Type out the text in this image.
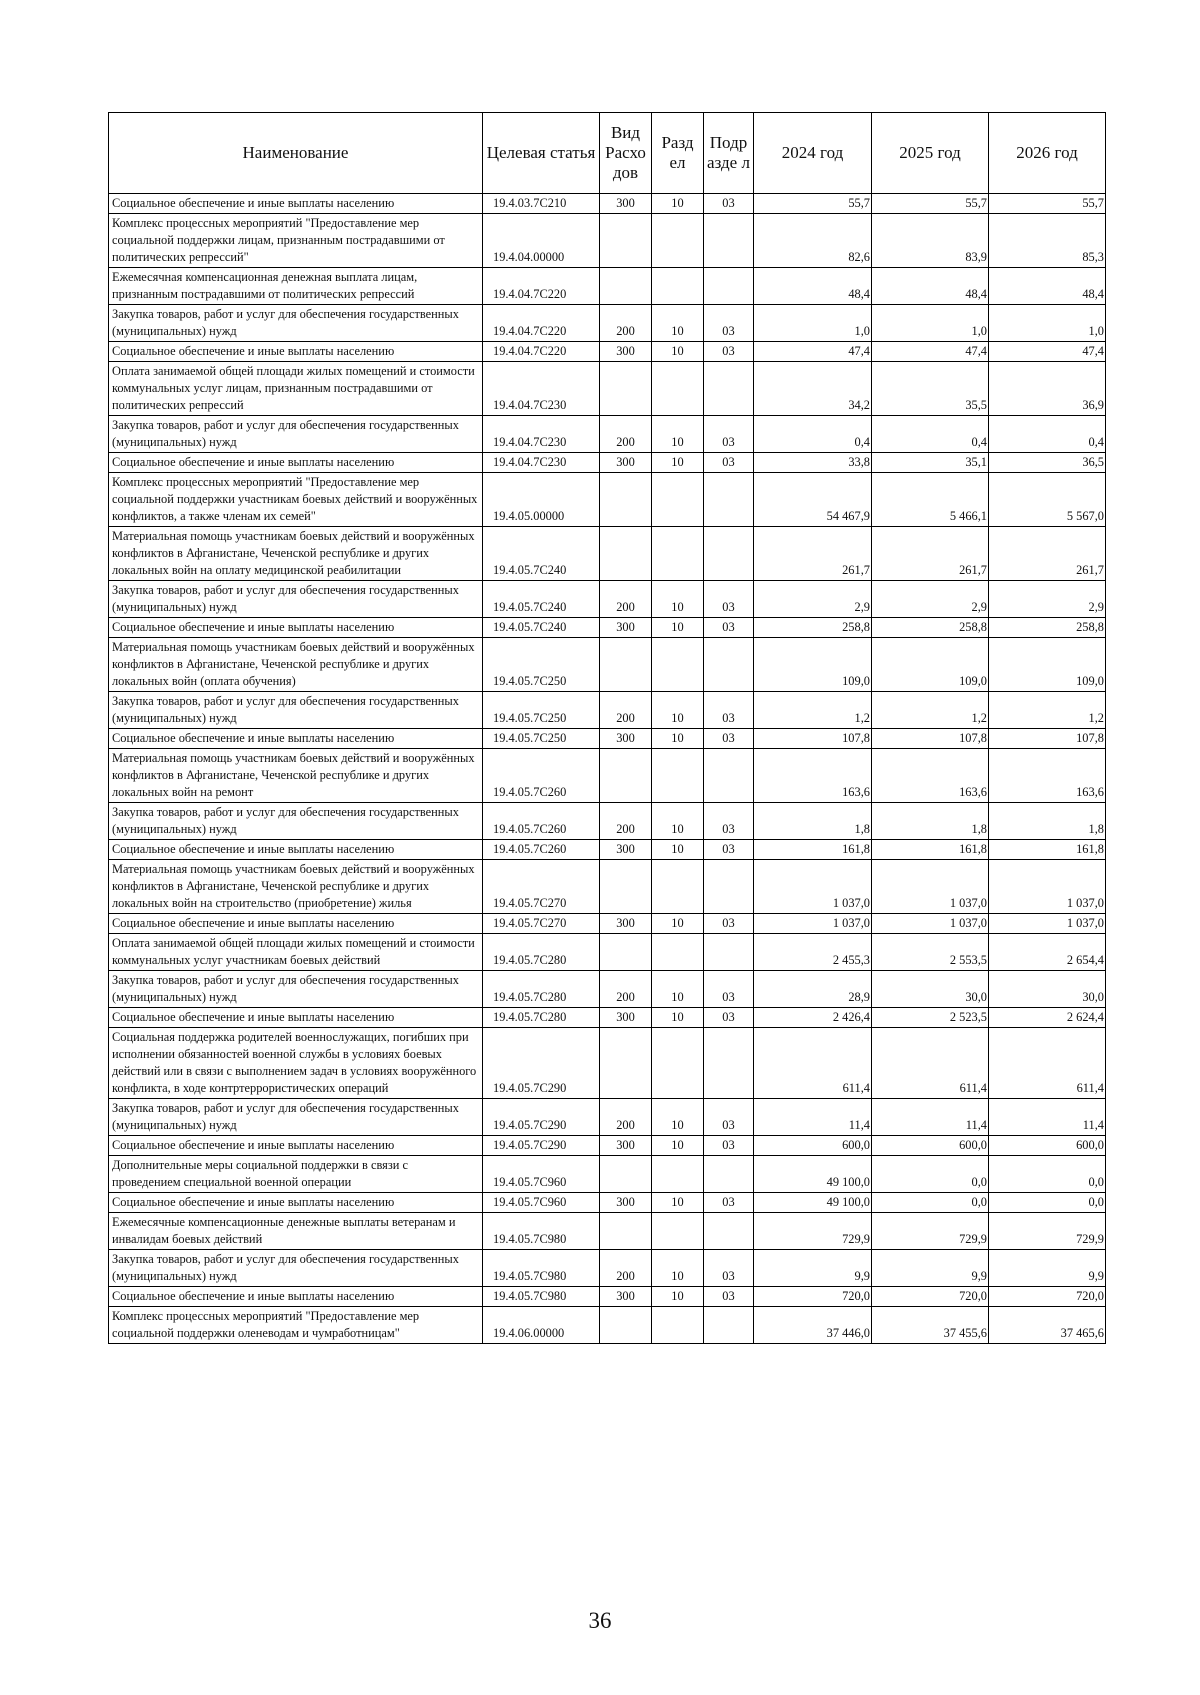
Наименование	Целевая статья	Вид Расхо дов	Разд ел	Подр азде л	2024 год	2025 год	2026 год
Социальное обеспечение и иные выплаты населению	19.4.03.7С210	300	10	03	55,7	55,7	55,7
Комплекс процессных мероприятий "Предоставление мер социальной поддержки лицам, признанным пострадавшими от политических репрессий"	19.4.04.00000				82,6	83,9	85,3
Ежемесячная компенсационная денежная выплата лицам, признанным пострадавшими от политических репрессий	19.4.04.7С220				48,4	48,4	48,4
Закупка товаров, работ и услуг для обеспечения государственных (муниципальных) нужд	19.4.04.7С220	200	10	03	1,0	1,0	1,0
Социальное обеспечение и иные выплаты населению	19.4.04.7С220	300	10	03	47,4	47,4	47,4
Оплата занимаемой общей площади жилых помещений и стоимости коммунальных услуг лицам, признанным пострадавшими от политических репрессий	19.4.04.7С230				34,2	35,5	36,9
Закупка товаров, работ и услуг для обеспечения государственных (муниципальных) нужд	19.4.04.7С230	200	10	03	0,4	0,4	0,4
Социальное обеспечение и иные выплаты населению	19.4.04.7С230	300	10	03	33,8	35,1	36,5
Комплекс процессных мероприятий "Предоставление мер социальной поддержки участникам боевых действий и вооружённых конфликтов, а также членам их семей"	19.4.05.00000				54 467,9	5 466,1	5 567,0
Материальная помощь участникам боевых действий и вооружённых конфликтов в Афганистане, Чеченской республике и других локальных войн на оплату медицинской реабилитации	19.4.05.7С240				261,7	261,7	261,7
Закупка товаров, работ и услуг для обеспечения государственных (муниципальных) нужд	19.4.05.7С240	200	10	03	2,9	2,9	2,9
Социальное обеспечение и иные выплаты населению	19.4.05.7С240	300	10	03	258,8	258,8	258,8
Материальная помощь участникам боевых действий и вооружённых конфликтов в Афганистане, Чеченской республике и других локальных войн (оплата обучения)	19.4.05.7С250				109,0	109,0	109,0
Закупка товаров, работ и услуг для обеспечения государственных (муниципальных) нужд	19.4.05.7С250	200	10	03	1,2	1,2	1,2
Социальное обеспечение и иные выплаты населению	19.4.05.7С250	300	10	03	107,8	107,8	107,8
Материальная помощь участникам боевых действий и вооружённых конфликтов в Афганистане, Чеченской республике и других локальных войн на ремонт	19.4.05.7С260				163,6	163,6	163,6
Закупка товаров, работ и услуг для обеспечения государственных (муниципальных) нужд	19.4.05.7С260	200	10	03	1,8	1,8	1,8
Социальное обеспечение и иные выплаты населению	19.4.05.7С260	300	10	03	161,8	161,8	161,8
Материальная помощь участникам боевых действий и вооружённых конфликтов в Афганистане, Чеченской республике и других локальных войн на строительство (приобретение) жилья	19.4.05.7С270				1 037,0	1 037,0	1 037,0
Социальное обеспечение и иные выплаты населению	19.4.05.7С270	300	10	03	1 037,0	1 037,0	1 037,0
Оплата занимаемой общей площади жилых помещений и стоимости коммунальных услуг участникам боевых действий	19.4.05.7С280				2 455,3	2 553,5	2 654,4
Закупка товаров, работ и услуг для обеспечения государственных (муниципальных) нужд	19.4.05.7С280	200	10	03	28,9	30,0	30,0
Социальное обеспечение и иные выплаты населению	19.4.05.7С280	300	10	03	2 426,4	2 523,5	2 624,4
Социальная поддержка родителей военнослужащих, погибших при исполнении обязанностей военной службы в условиях боевых действий или в связи с выполнением задач в условиях вооружённого конфликта, в ходе контртеррористических операций	19.4.05.7С290				611,4	611,4	611,4
Закупка товаров, работ и услуг для обеспечения государственных (муниципальных) нужд	19.4.05.7С290	200	10	03	11,4	11,4	11,4
Социальное обеспечение и иные выплаты населению	19.4.05.7С290	300	10	03	600,0	600,0	600,0
Дополнительные меры социальной поддержки в связи с проведением специальной военной операции	19.4.05.7С960				49 100,0	0,0	0,0
Социальное обеспечение и иные выплаты населению	19.4.05.7С960	300	10	03	49 100,0	0,0	0,0
Ежемесячные компенсационные денежные выплаты ветеранам и инвалидам боевых действий	19.4.05.7С980				729,9	729,9	729,9
Закупка товаров, работ и услуг для обеспечения государственных (муниципальных) нужд	19.4.05.7С980	200	10	03	9,9	9,9	9,9
Социальное обеспечение и иные выплаты населению	19.4.05.7С980	300	10	03	720,0	720,0	720,0
Комплекс процессных мероприятий "Предоставление мер социальной поддержки оленеводам и чумработницам"	19.4.06.00000				37 446,0	37 455,6	37 465,6
36
